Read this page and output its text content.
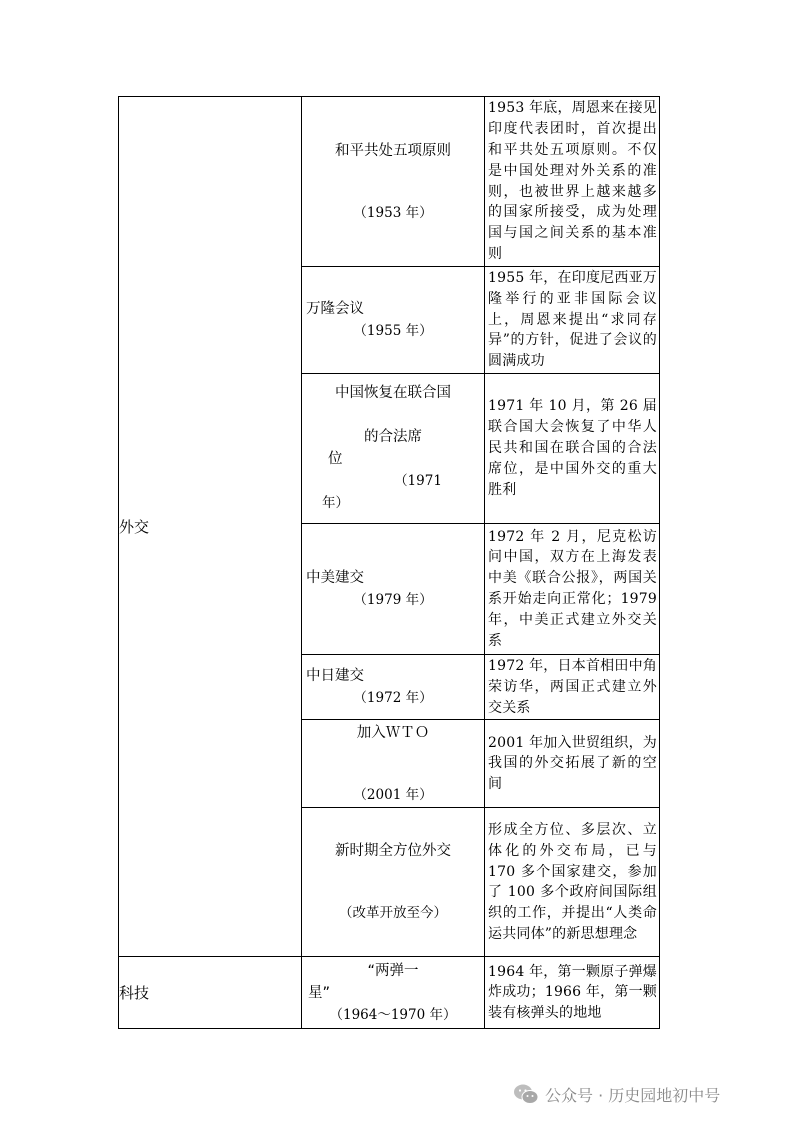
外交	和平共处五项原则
（1953 年）	1953 年底，周恩来在接见印度代表团时，首次提出和平共处五项原则。不仅是中国处理对外关系的准则，也被世界上越来越多的国家所接受，成为处理国与国之间关系的基本准则

	万隆会议
（1955 年）	1955 年，在印度尼西亚万隆举行的亚非国际会议上，周恩来提出“求同存异”的方针，促进了会议的圆满成功

	中国恢复在联合国
的合法席
位
（1971
年）	1971 年 10 月，第 26 届联合国大会恢复了中华人民共和国在联合国的合法席位，是中国外交的重大胜利

	中美建交
（1979 年）	1972 年 2 月，尼克松访问中国，双方在上海发表中美《联合公报》，两国关系开始走向正常化；1979 年，中美正式建立外交关系

	中日建交
（1972 年）	1972 年，日本首相田中角荣访华，两国正式建立外交关系

	加入ＷＴＯ
（2001 年）	2001 年加入世贸组织，为我国的外交拓展了新的空间

	新时期全方位外交
（改革开放至今）	形成全方位、多层次、立体化的外交布局，已与 170 多个国家建交，参加了 100 多个政府间国际组织的工作，并提出“人类命运共同体”的新思想理念
科技	“两弹一
星”
（1964～1970 年）	1964 年，第一颗原子弹爆炸成功；1966 年，第一颗装有核弹头的地地
公众号 · 历史园地初中号
